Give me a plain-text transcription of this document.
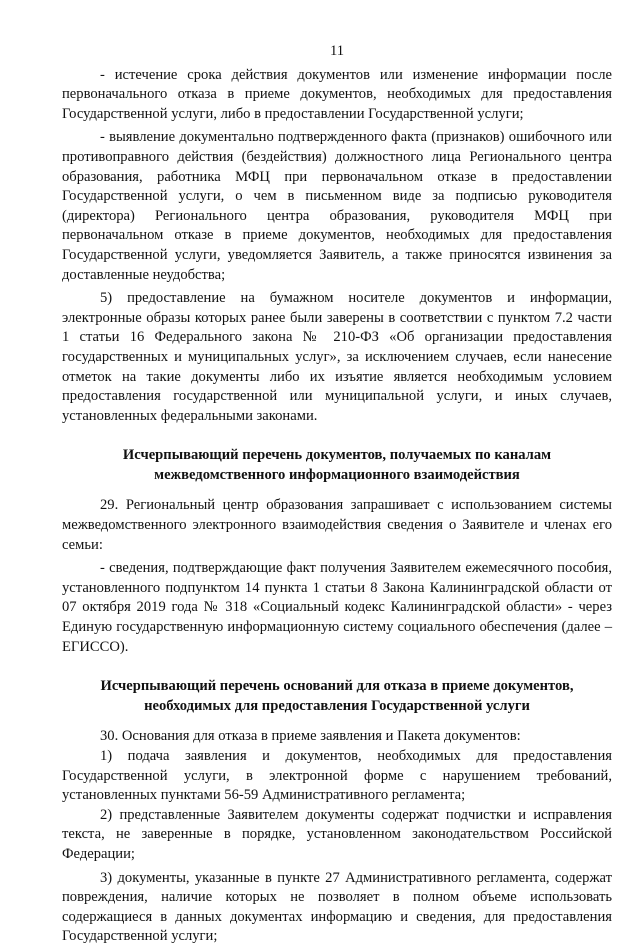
11

- истечение срока действия документов или изменение информации после первоначального отказа в приеме документов, необходимых для предоставления Государственной услуги, либо в предоставлении Государственной услуги;

- выявление документально подтвержденного факта (признаков) ошибочного или противоправного действия (бездействия) должностного лица Регионального центра образования, работника МФЦ при первоначальном отказе в предоставлении Государственной услуги, о чем в письменном виде за подписью руководителя (директора) Регионального центра образования, руководителя МФЦ при первоначальном отказе в приеме документов, необходимых для предоставления Государственной услуги, уведомляется Заявитель, а также приносятся извинения за доставленные неудобства;

5) предоставление на бумажном носителе документов и информации, электронные образы которых ранее были заверены в соответствии с пунктом 7.2 части 1 статьи 16 Федерального закона № 210-ФЗ «Об организации предоставления государственных и муниципальных услуг», за исключением случаев, если нанесение отметок на такие документы либо их изъятие является необходимым условием предоставления государственной или муниципальной услуги, и иных случаев, установленных федеральными законами.

Исчерпывающий перечень документов, получаемых по каналам
межведомственного информационного взаимодействия

29. Региональный центр образования запрашивает с использованием системы межведомственного электронного взаимодействия сведения о Заявителе и членах его семьи:

- сведения, подтверждающие факт получения Заявителем ежемесячного пособия, установленного подпунктом 14 пункта 1 статьи 8 Закона Калининградской области от 07 октября 2019 года № 318 «Социальный кодекс Калининградской области» - через Единую государственную информационную систему социального обеспечения (далее – ЕГИССО).

Исчерпывающий перечень оснований для отказа в приеме документов,
необходимых для предоставления Государственной услуги

30. Основания для отказа в приеме заявления и Пакета документов:

1) подача заявления и документов, необходимых для предоставления Государственной услуги, в электронной форме с нарушением требований, установленных пунктами 56-59 Административного регламента;

2) представленные Заявителем документы содержат подчистки и исправления текста, не заверенные в порядке, установленном законодательством Российской Федерации;

3) документы, указанные в пункте 27 Административного регламента, содержат повреждения, наличие которых не позволяет в полном объеме использовать содержащиеся в данных документах информацию и сведения, для предоставления Государственной услуги;
